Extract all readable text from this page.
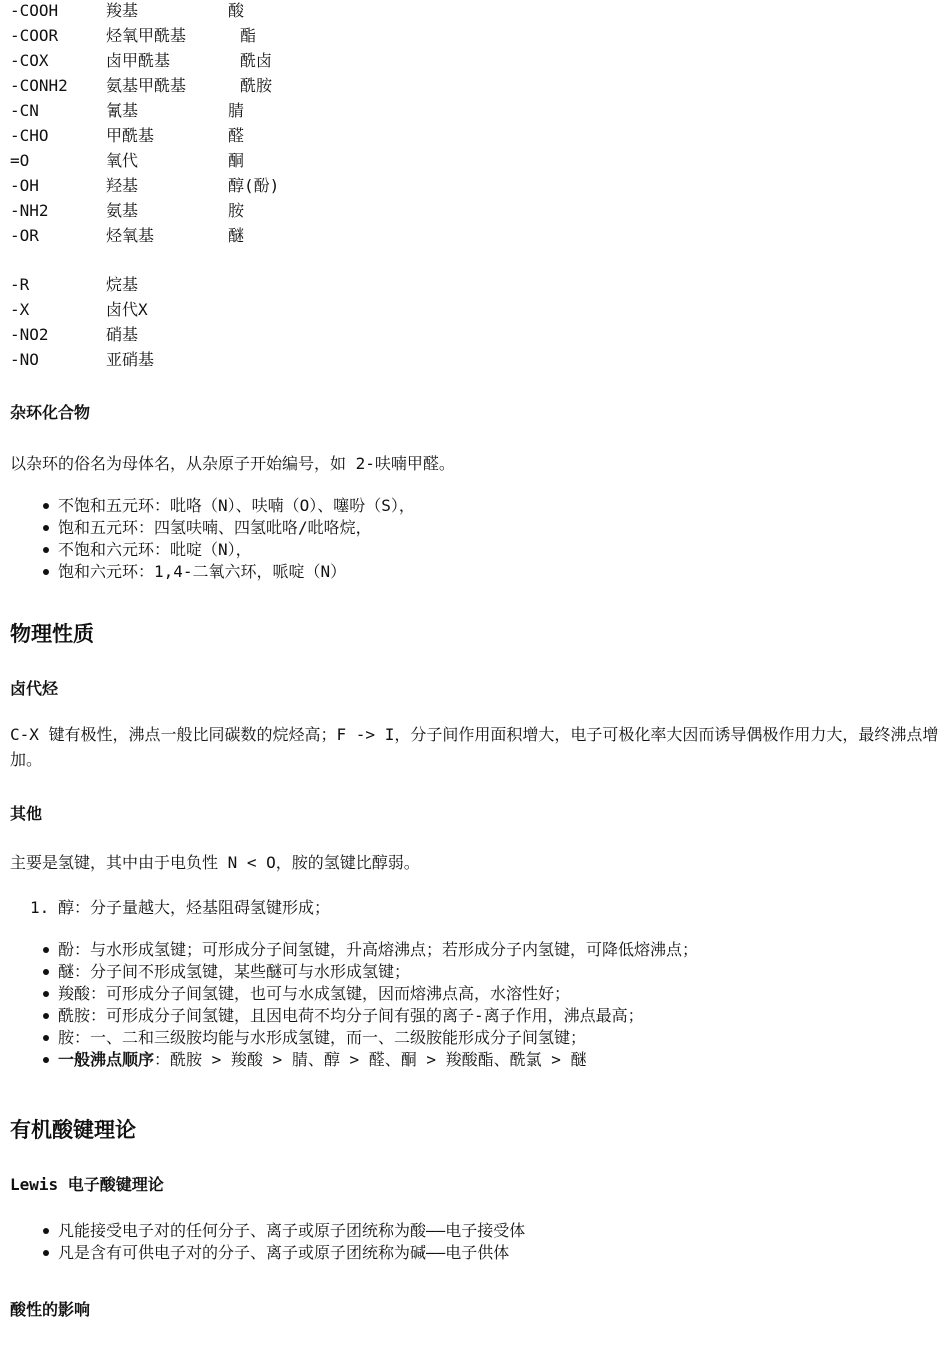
-COOH	羧基	酸
-COOR	烃氧甲酰基	酯
-COX	卤甲酰基	酰卤
-CONH2 氨基甲酰基	酰胺
-CN	氰基	腈
-CHO	甲酰基	醛
=O	氧代	酮
-OH	羟基	醇(酚)
-NH2	氨基	胺
-OR	烃氧基	醚
-R	烷基
-X	卤代X
-NO2	硝基
-NO	亚硝基
杂环化合物
以杂环的俗名为母体名，从杂原子开始编号，如 2-呋喃甲醛。
不饱和五元环：吡咯（N）、呋喃（O）、噻吩（S），
饱和五元环：四氢呋喃、四氢吡咯/吡咯烷，
不饱和六元环：吡啶（N），
饱和六元环：1,4-二氧六环，哌啶（N）
物理性质
卤代烃
C-X 键有极性，沸点一般比同碳数的烷烃高；F -> I，分子间作用面积增大，电子可极化率大因而诱导偶极作用力大，最终沸点增加。
其他
主要是氢键，其中由于电负性 N < O，胺的氢键比醇弱。
1. 醇：分子量越大，烃基阻碍氢键形成；
酚：与水形成氢键；可形成分子间氢键，升高熔沸点；若形成分子内氢键，可降低熔沸点；
醚：分子间不形成氢键，某些醚可与水形成氢键；
羧酸：可形成分子间氢键，也可与水成氢键，因而熔沸点高，水溶性好；
酰胺：可形成分子间氢键，且因电荷不均分子间有强的离子-离子作用，沸点最高；
胺：一、二和三级胺均能与水形成氢键，而一、二级胺能形成分子间氢键；
一般沸点顺序：酰胺 > 羧酸 > 腈、醇 > 醛、酮 > 羧酸酯、酰氯 > 醚
有机酸键理论
Lewis 电子酸键理论
凡能接受电子对的任何分子、离子或原子团统称为酸——电子接受体
凡是含有可供电子对的分子、离子或原子团统称为碱——电子供体
酸性的影响
